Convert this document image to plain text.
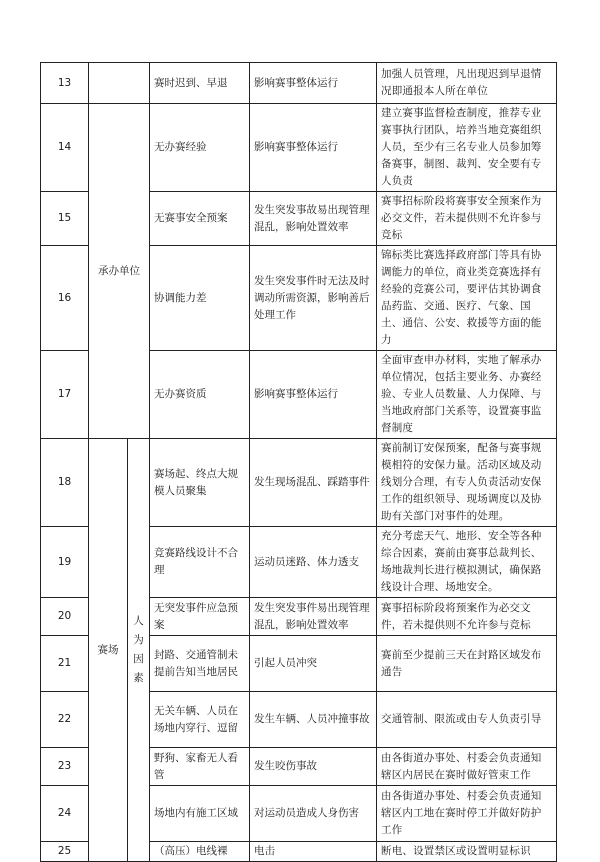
13			赛时迟到、早退	影响赛事整体运行	加强人员管理，凡出现迟到早退情况即通报本人所在单位
14	承办单位		无办赛经验	影响赛事整体运行	建立赛事监督检查制度，推荐专业赛事执行团队，培养当地竞赛组织人员，至少有三名专业人员参加筹备赛事，制图、裁判、安全要有专人负责
15			无赛事安全预案	发生突发事故易出现管理混乱，影响处置效率	赛事招标阶段将赛事安全预案作为必交文件，若未提供则不允许参与竞标
16			协调能力差	发生突发事件时无法及时调动所需资源，影响善后处理工作	锦标类比赛选择政府部门等具有协调能力的单位，商业类竞赛选择有经验的竞赛公司，要评估其协调食品药监、交通、医疗、气象、国土、通信、公安、救援等方面的能力
17			无办赛资质	影响赛事整体运行	全面审查申办材料，实地了解承办单位情况，包括主要业务、办赛经验、专业人员数量、人力保障、与当地政府部门关系等，设置赛事监督制度
18	赛场	人为因素	赛场起、终点大规模人员聚集	发生现场混乱、踩踏事件	赛前制订安保预案，配备与赛事规模相符的安保力量。活动区域及动线划分合理，有专人负责活动安保工作的组织领导、现场调度以及协助有关部门对事件的处理。
19			竞赛路线设计不合理	运动员迷路、体力透支	充分考虑天气、地形、安全等各种综合因素，赛前由赛事总裁判长、场地裁判长进行模拟测试，确保路线设计合理、场地安全。
20			无突发事件应急预案	发生突发事件易出现管理混乱，影响处置效率	赛事招标阶段将预案作为必交文件，若未提供则不允许参与竞标
21			封路、交通管制未提前告知当地居民	引起人员冲突	赛前至少提前三天在封路区域发布通告
22			无关车辆、人员在场地内穿行、逗留	发生车辆、人员冲撞事故	交通管制、限流或由专人负责引导
23			野狗、家畜无人看管	发生咬伤事故	由各街道办事处、村委会负责通知辖区内居民在赛时做好管束工作
24			场地内有施工区域	对运动员造成人身伤害	由各街道办事处、村委会负责通知辖区内工地在赛时停工并做好防护工作
25			（高压）电线裸	电击	断电、设置禁区或设置明显标识
